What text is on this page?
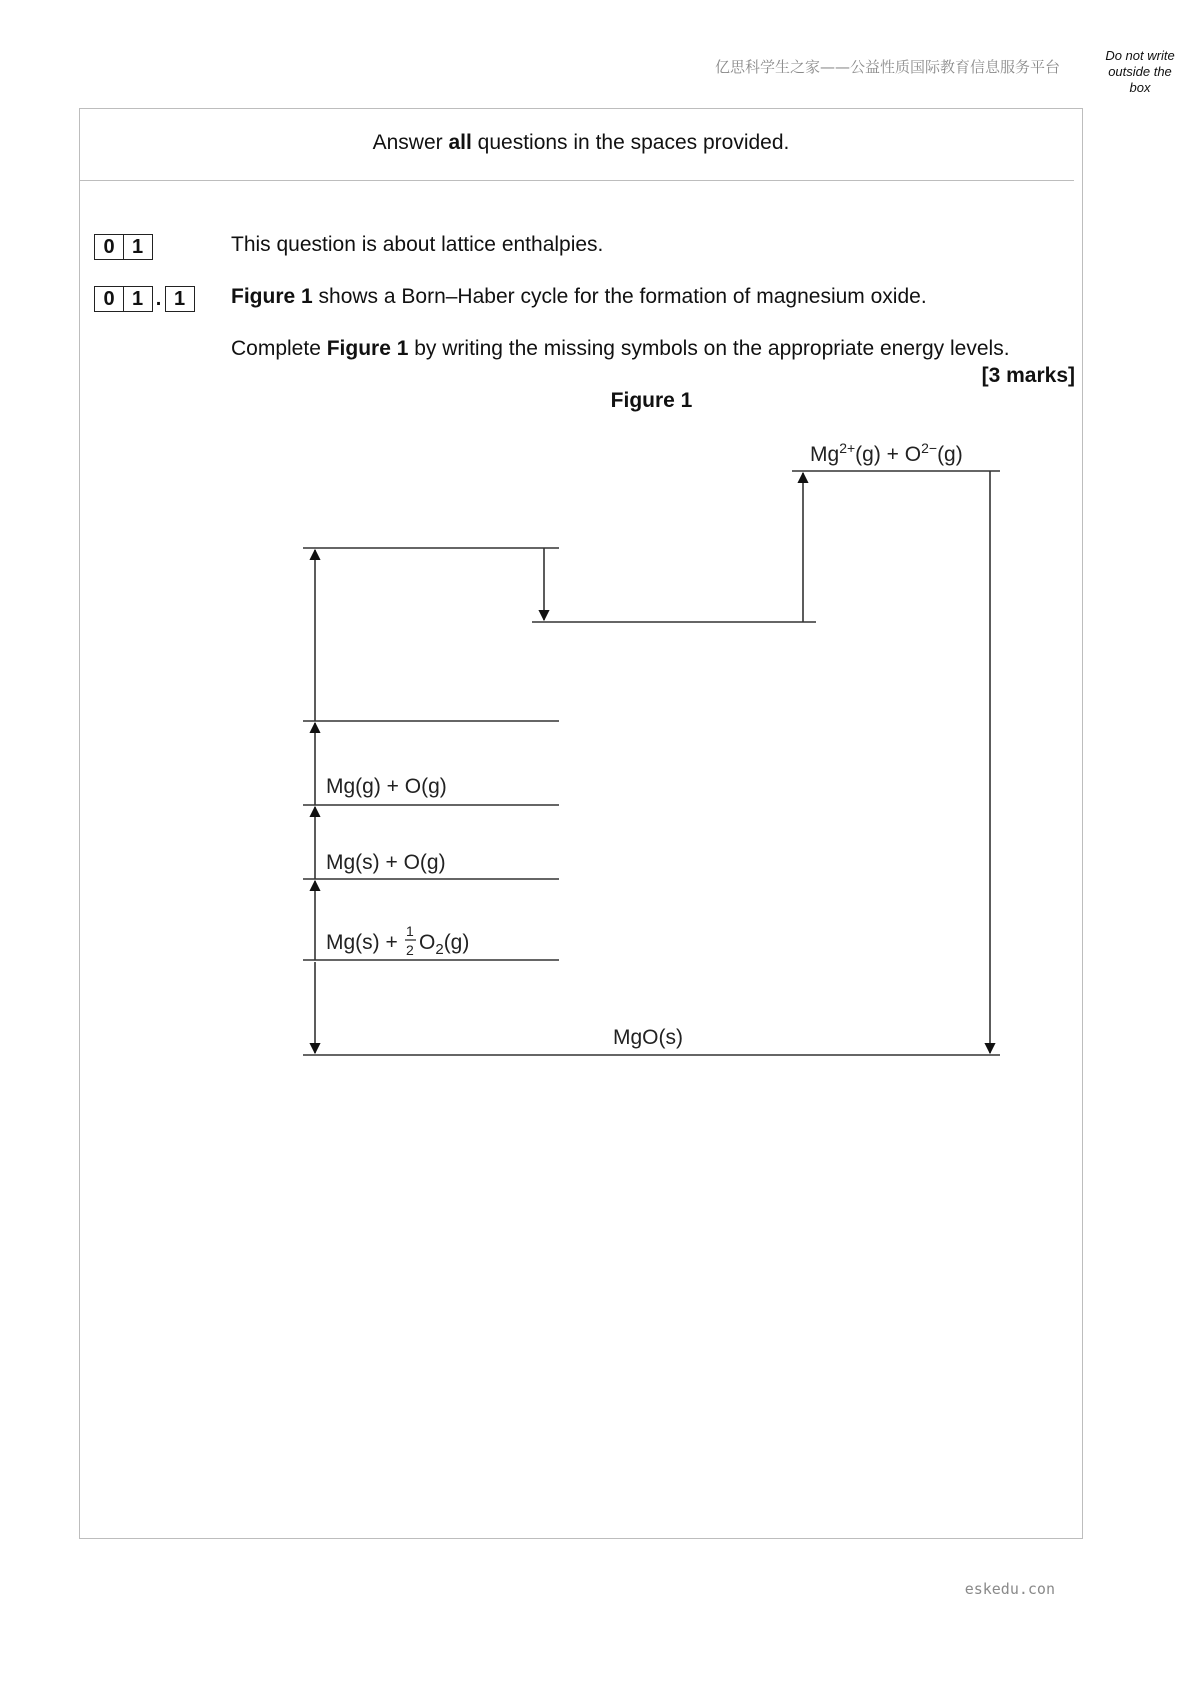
亿思科学生之家——公益性质国际教育信息服务平台
Do not write
outside the
box
Answer all questions in the spaces provided.
0 1	This question is about lattice enthalpies.
0 1 . 1	Figure 1 shows a Born–Haber cycle for the formation of magnesium oxide.
Complete Figure 1 by writing the missing symbols on the appropriate energy levels.
[3 marks]
Figure 1
$Mg^{2+}(g) + O^{2-}(g)$
Mg(g) + O(g)
Mg(s) + O(g)
Mg(s) + 1
2 $O_2(g)$
MgO(s)
eskedu.con
